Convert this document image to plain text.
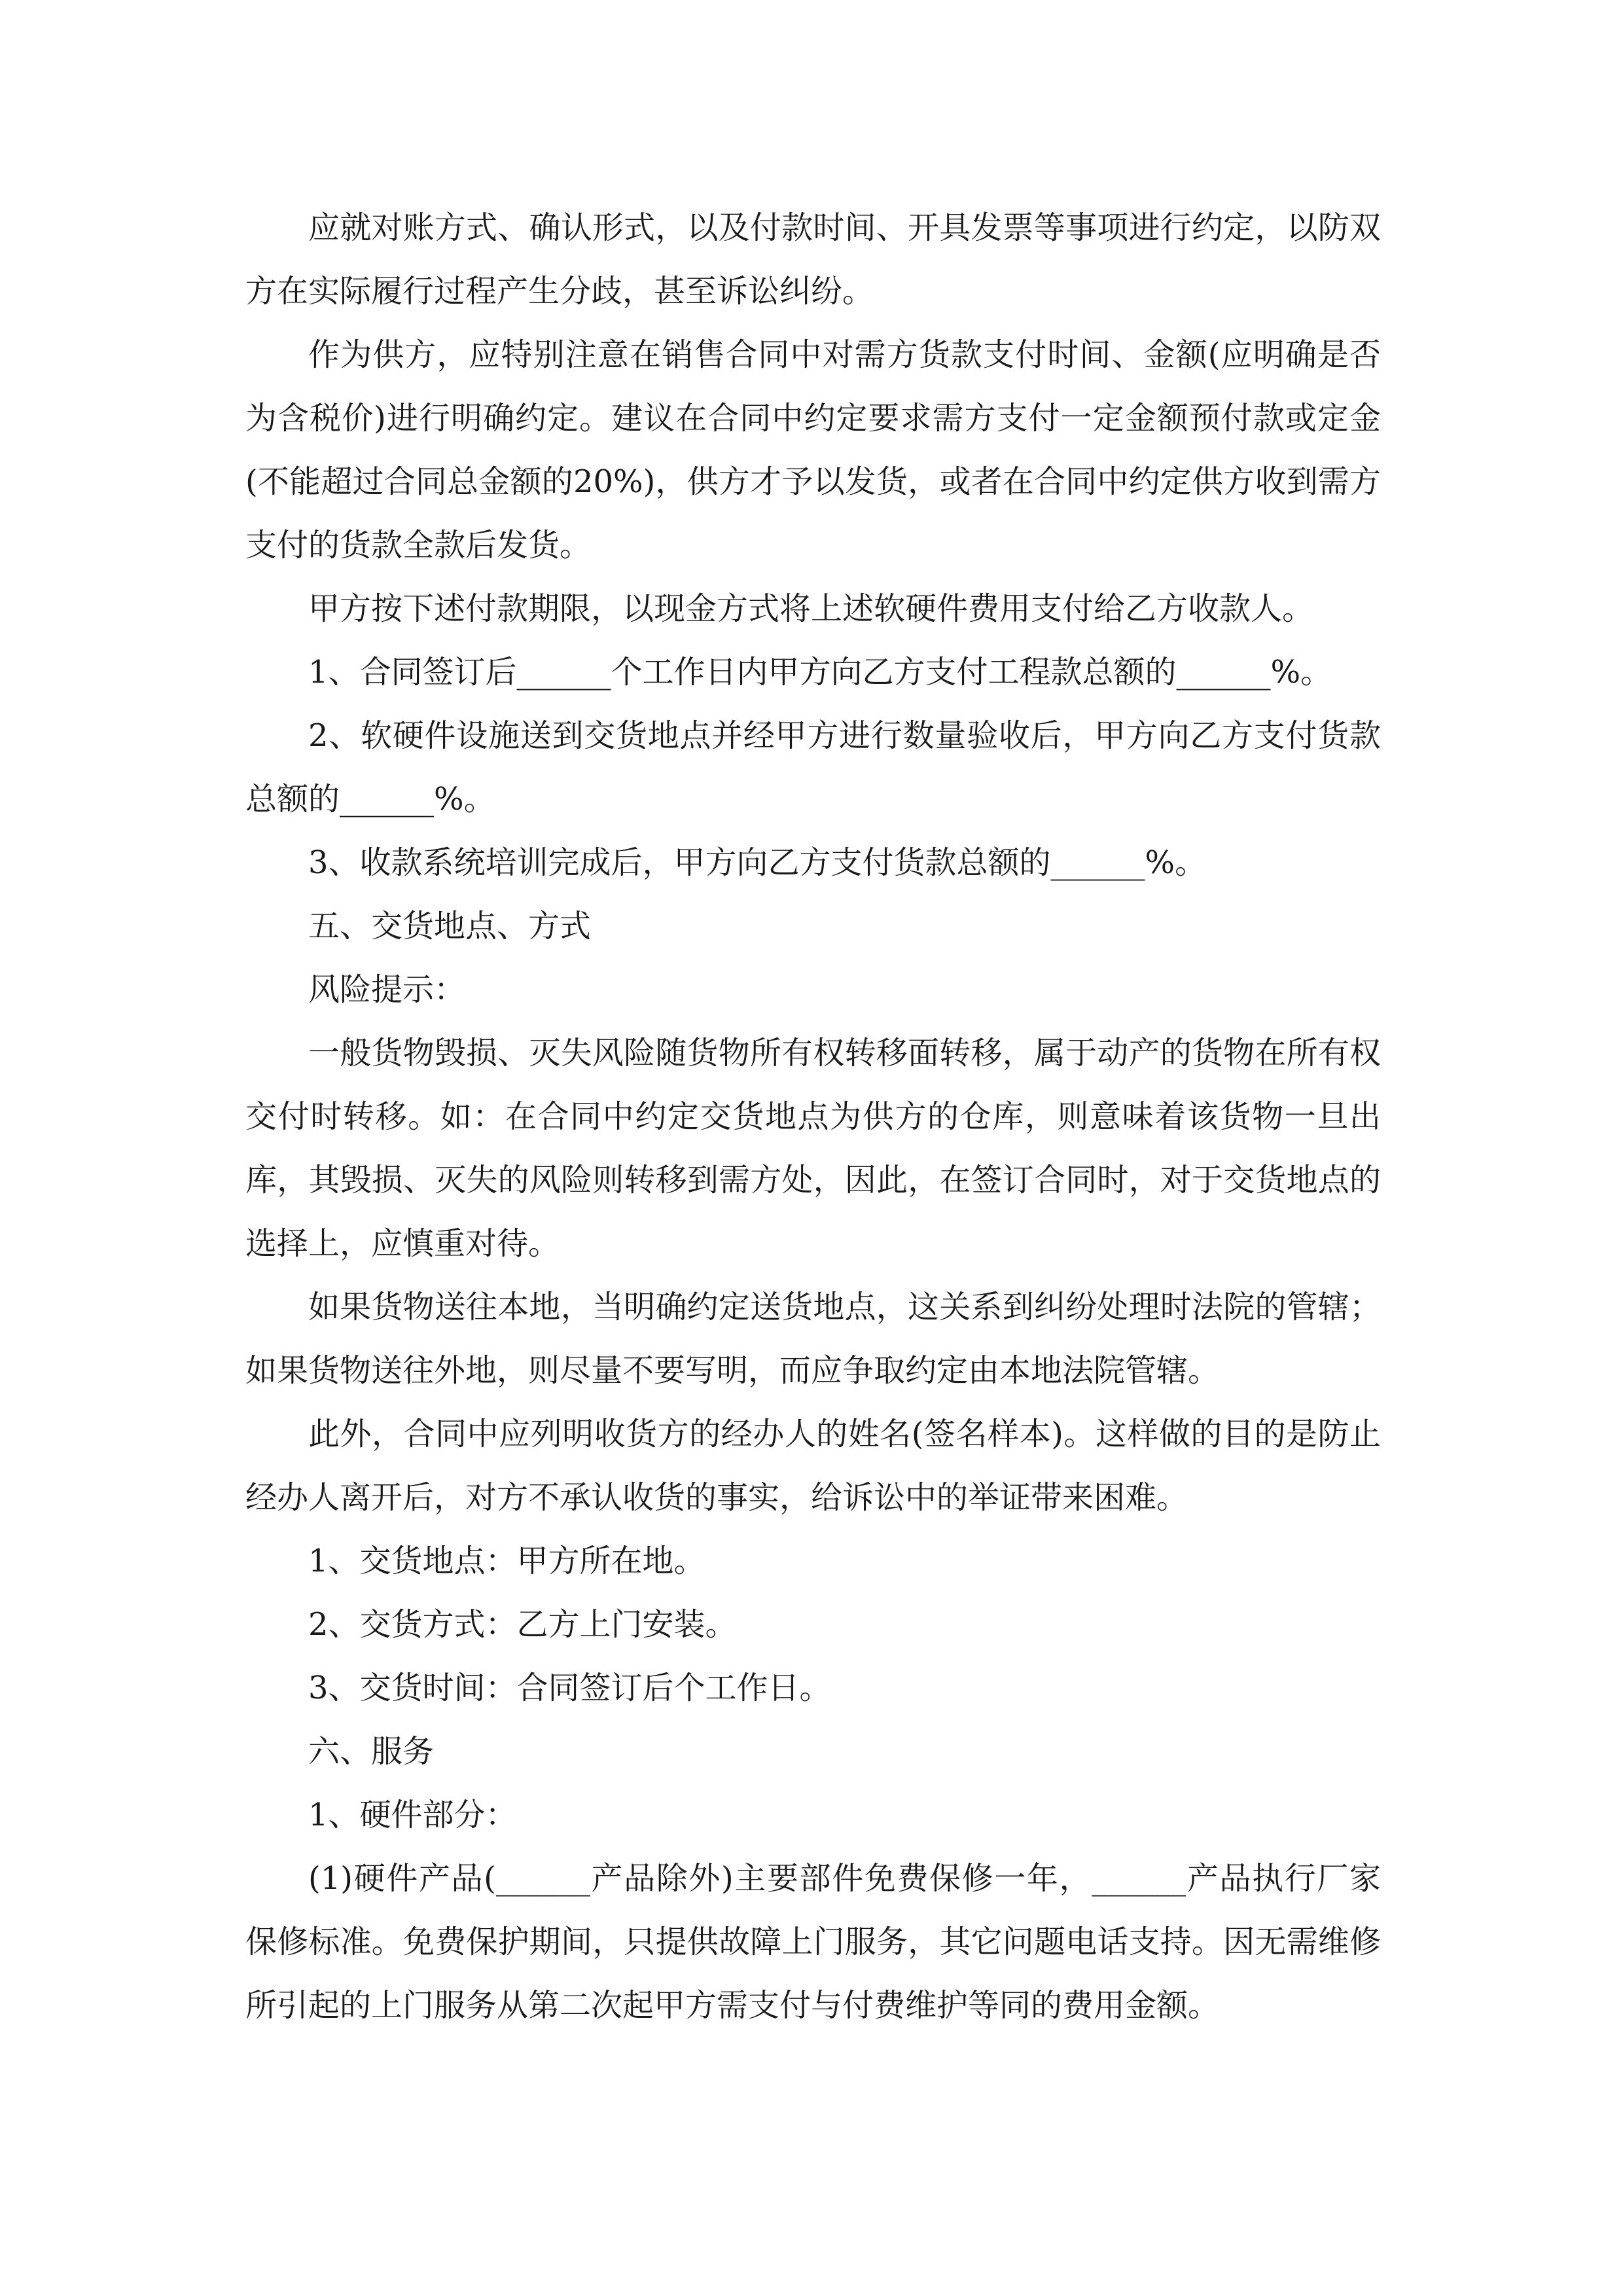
应就对账方式、确认形式，以及付款时间、开具发票等事项进行约定，以防双方在实际履行过程产生分歧，甚至诉讼纠纷。

作为供方，应特别注意在销售合同中对需方货款支付时间、金额(应明确是否为含税价)进行明确约定。建议在合同中约定要求需方支付一定金额预付款或定金(不能超过合同总金额的20%)，供方才予以发货，或者在合同中约定供方收到需方支付的货款全款后发货。

甲方按下述付款期限，以现金方式将上述软硬件费用支付给乙方收款人。

1、合同签订后______个工作日内甲方向乙方支付工程款总额的______%。

2、软硬件设施送到交货地点并经甲方进行数量验收后，甲方向乙方支付货款总额的______%。

3、收款系统培训完成后，甲方向乙方支付货款总额的______%。

五、交货地点、方式

风险提示：

一般货物毁损、灭失风险随货物所有权转移面转移，属于动产的货物在所有权交付时转移。如：在合同中约定交货地点为供方的仓库，则意味着该货物一旦出库，其毁损、灭失的风险则转移到需方处，因此，在签订合同时，对于交货地点的选择上，应慎重对待。

如果货物送往本地，当明确约定送货地点，这关系到纠纷处理时法院的管辖；如果货物送往外地，则尽量不要写明，而应争取约定由本地法院管辖。

此外，合同中应列明收货方的经办人的姓名(签名样本)。这样做的目的是防止经办人离开后，对方不承认收货的事实，给诉讼中的举证带来困难。

1、交货地点：甲方所在地。

2、交货方式：乙方上门安装。

3、交货时间：合同签订后个工作日。

六、服务

1、硬件部分：

(1)硬件产品(______产品除外)主要部件免费保修一年，______产品执行厂家保修标准。免费保护期间，只提供故障上门服务，其它问题电话支持。因无需维修所引起的上门服务从第二次起甲方需支付与付费维护等同的费用金额。
